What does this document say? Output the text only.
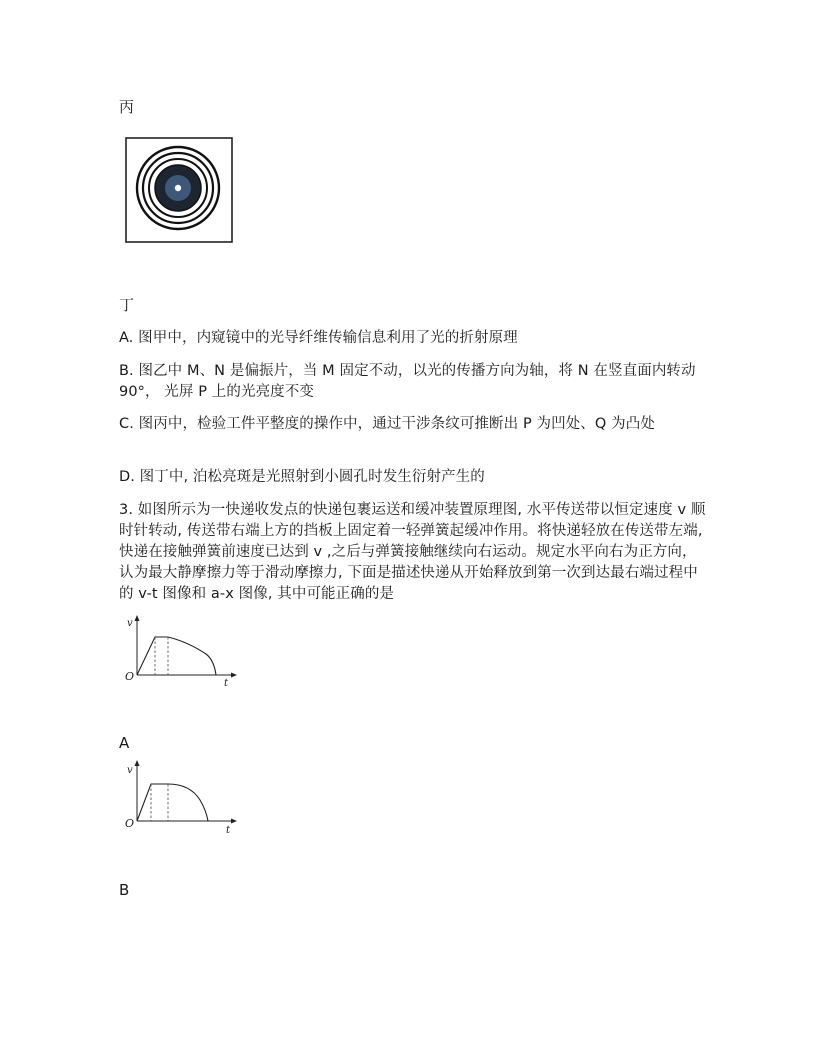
丙
丁
A. 图甲中，内窥镜中的光导纤维传输信息利用了光的折射原理
B. 图乙中 M、N 是偏振片，当 M 固定不动，以光的传播方向为轴，将 N 在竖直面内转动 90°， 光屏 P 上的光亮度不变
C. 图丙中，检验工件平整度的操作中，通过干涉条纹可推断出 P 为凹处、Q 为凸处
D. 图丁中, 泊松亮斑是光照射到小圆孔时发生衍射产生的
3. 如图所示为一快递收发点的快递包裹运送和缓冲装置原理图, 水平传送带以恒定速度 v 顺时针转动, 传送带右端上方的挡板上固定着一轻弹簧起缓冲作用。将快递轻放在传送带左端, 快递在接触弹簧前速度已达到 v ,之后与弹簧接触继续向右运动。规定水平向右为正方向，认为最大静摩擦力等于滑动摩擦力, 下面是描述快递从开始释放到第一次到达最右端过程中的 v-t 图像和 a-x 图像, 其中可能正确的是
v
O
t
A
v
O
t
B
